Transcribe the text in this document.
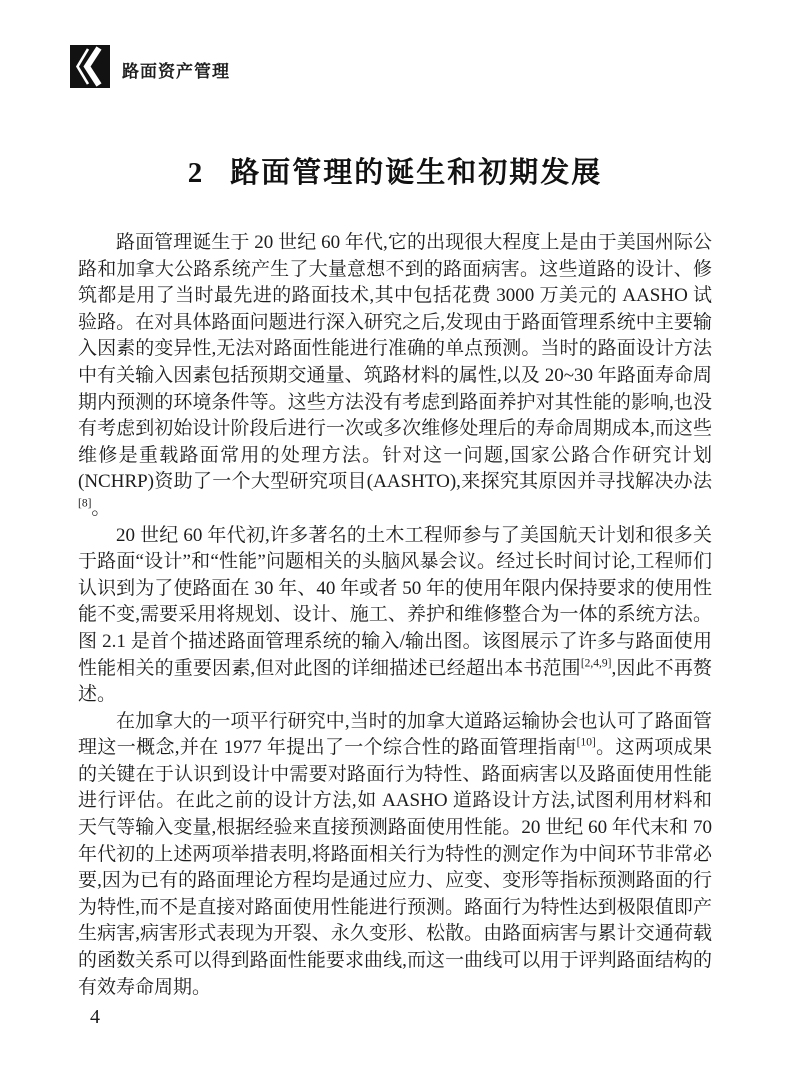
路面资产管理
2 路面管理的诞生和初期发展

路面管理诞生于 20 世纪 60 年代,它的出现很大程度上是由于美国州际公路和加拿大公路系统产生了大量意想不到的路面病害。这些道路的设计、修筑都是用了当时最先进的路面技术,其中包括花费 3000 万美元的 AASHO 试验路。在对具体路面问题进行深入研究之后,发现由于路面管理系统中主要输入因素的变异性,无法对路面性能进行准确的单点预测。当时的路面设计方法中有关输入因素包括预期交通量、筑路材料的属性,以及 20~30 年路面寿命周期内预测的环境条件等。这些方法没有考虑到路面养护对其性能的影响,也没有考虑到初始设计阶段后进行一次或多次维修处理后的寿命周期成本,而这些维修是重载路面常用的处理方法。针对这一问题,国家公路合作研究计划(NCHRP)资助了一个大型研究项目(AASHTO),来探究其原因并寻找解决办法[8]。

20 世纪 60 年代初,许多著名的土木工程师参与了美国航天计划和很多关于路面“设计”和“性能”问题相关的头脑风暴会议。经过长时间讨论,工程师们认识到为了使路面在 30 年、40 年或者 50 年的使用年限内保持要求的使用性能不变,需要采用将规划、设计、施工、养护和维修整合为一体的系统方法。图 2.1 是首个描述路面管理系统的输入/输出图。该图展示了许多与路面使用性能相关的重要因素,但对此图的详细描述已经超出本书范围[2,4,9],因此不再赘述。

在加拿大的一项平行研究中,当时的加拿大道路运输协会也认可了路面管理这一概念,并在 1977 年提出了一个综合性的路面管理指南[10]。这两项成果的关键在于认识到设计中需要对路面行为特性、路面病害以及路面使用性能进行评估。在此之前的设计方法,如 AASHO 道路设计方法,试图利用材料和天气等输入变量,根据经验来直接预测路面使用性能。20 世纪 60 年代末和 70 年代初的上述两项举措表明,将路面相关行为特性的测定作为中间环节非常必要,因为已有的路面理论方程均是通过应力、应变、变形等指标预测路面的行为特性,而不是直接对路面使用性能进行预测。路面行为特性达到极限值即产生病害,病害形式表现为开裂、永久变形、松散。由路面病害与累计交通荷载的函数关系可以得到路面性能要求曲线,而这一曲线可以用于评判路面结构的有效寿命周期。

4
